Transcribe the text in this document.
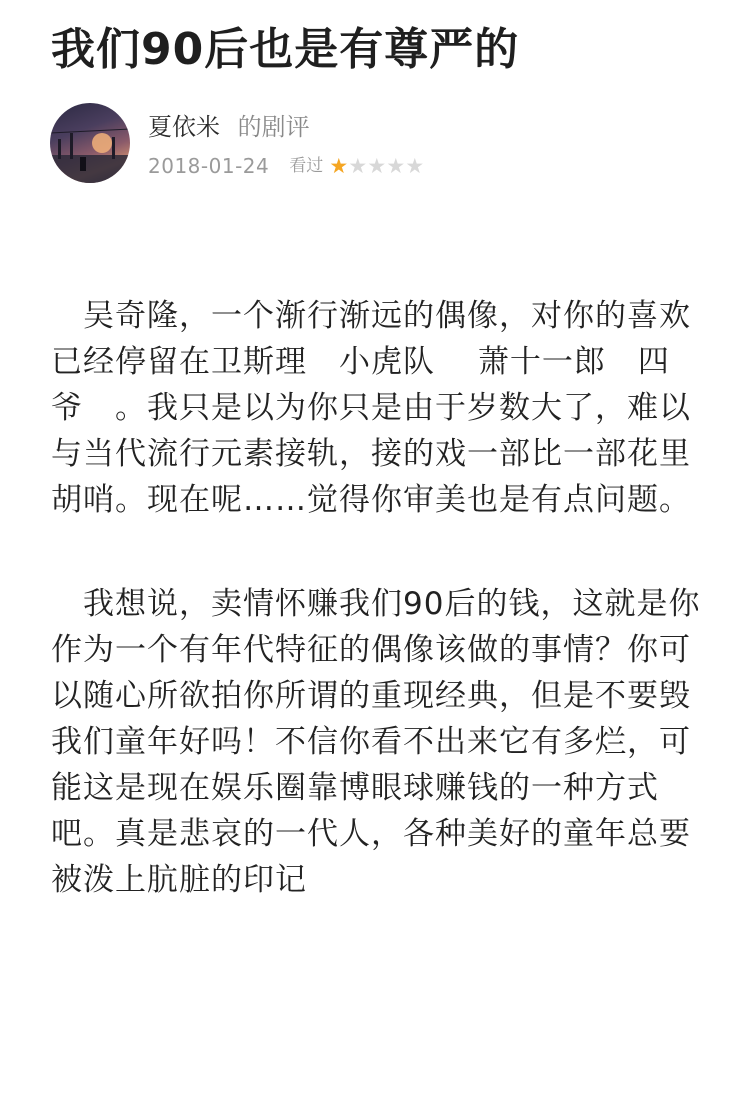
我们90后也是有尊严的
夏依米 的剧评
2018-01-24 看过 ★ ★ ★ ★ ★

吴奇隆，一个渐行渐远的偶像，对你的喜欢已经停留在卫斯理　小虎队　 萧十一郎　四爷　。我只是以为你只是由于岁数大了，难以与当代流行元素接轨，接的戏一部比一部花里胡哨。现在呢……觉得你审美也是有点问题。

我想说，卖情怀赚我们90后的钱，这就是你作为一个有年代特征的偶像该做的事情？你可以随心所欲拍你所谓的重现经典，但是不要毁我们童年好吗！不信你看不出来它有多烂，可能这是现在娱乐圈靠博眼球赚钱的一种方式吧。真是悲哀的一代人，各种美好的童年总要被泼上肮脏的印记
